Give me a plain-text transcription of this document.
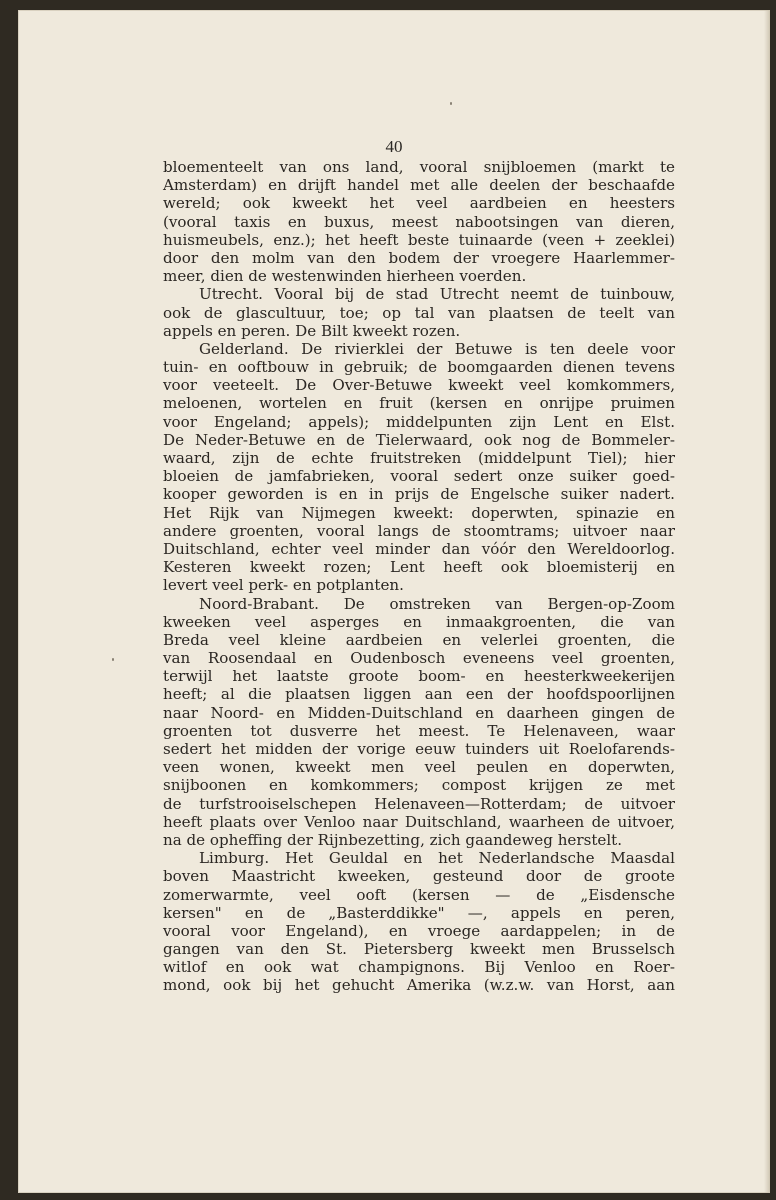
40
bloementeelt van ons land, vooral snijbloemen (markt te
Amsterdam) en drijft handel met alle deelen der beschaafde
wereld; ook kweekt het veel aardbeien en heesters
(vooral taxis en buxus, meest nabootsingen van dieren,
huismeubels, enz.); het heeft beste tuinaarde (veen + zeeklei)
door den molm van den bodem der vroegere Haarlemmer-
meer, dien de westenwinden hierheen voerden.
Utrecht. Vooral bij de stad Utrecht neemt de tuinbouw,
ook de glascultuur, toe; op tal van plaatsen de teelt van
appels en peren. De Bilt kweekt rozen.
Gelderland. De rivierklei der Betuwe is ten deele voor
tuin- en ooftbouw in gebruik; de boomgaarden dienen tevens
voor veeteelt. De Over-Betuwe kweekt veel komkommers,
meloenen, wortelen en fruit (kersen en onrijpe pruimen
voor Engeland; appels); middelpunten zijn Lent en Elst.
De Neder-Betuwe en de Tielerwaard, ook nog de Bommeler-
waard, zijn de echte fruitstreken (middelpunt Tiel); hier
bloeien de jamfabrieken, vooral sedert onze suiker goed-
kooper geworden is en in prijs de Engelsche suiker nadert.
Het Rijk van Nijmegen kweekt: doperwten, spinazie en
andere groenten, vooral langs de stoomtrams; uitvoer naar
Duitschland, echter veel minder dan vóór den Wereldoorlog.
Kesteren kweekt rozen; Lent heeft ook bloemisterij en
levert veel perk- en potplanten.
Noord-Brabant. De omstreken van Bergen-op-Zoom
kweeken veel asperges en inmaakgroenten, die van
Breda veel kleine aardbeien en velerlei groenten, die
van Roosendaal en Oudenbosch eveneens veel groenten,
terwijl het laatste groote boom- en heesterkweekerijen
heeft; al die plaatsen liggen aan een der hoofdspoorlijnen
naar Noord- en Midden-Duitschland en daarheen gingen de
groenten tot dusverre het meest. Te Helenaveen, waar
sedert het midden der vorige eeuw tuinders uit Roelofarends-
veen wonen, kweekt men veel peulen en doperwten,
snijboonen en komkommers; compost krijgen ze met
de turfstrooiselschepen Helenaveen—Rotterdam; de uitvoer
heeft plaats over Venloo naar Duitschland, waarheen de uitvoer,
na de opheffing der Rijnbezetting, zich gaandeweg herstelt.
Limburg. Het Geuldal en het Nederlandsche Maasdal
boven Maastricht kweeken, gesteund door de groote
zomerwarmte, veel ooft (kersen — de „Eisdensche
kersen" en de „Basterddikke" —, appels en peren,
vooral voor Engeland), en vroege aardappelen; in de
gangen van den St. Pietersberg kweekt men Brusselsch
witlof en ook wat champignons. Bij Venloo en Roer-
mond, ook bij het gehucht Amerika (w.z.w. van Horst, aan
